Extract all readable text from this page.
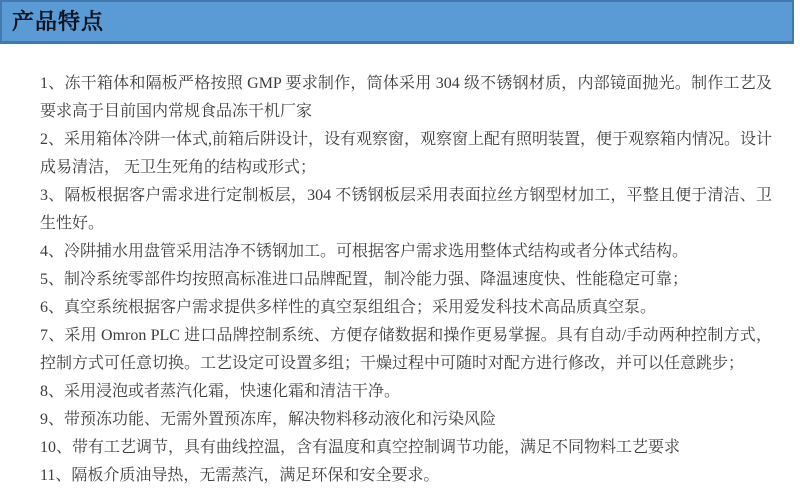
产品特点

1、冻干箱体和隔板严格按照 GMP 要求制作，筒体采用 304 级不锈钢材质，内部镜面抛光。制作工艺及要求高于目前国内常规食品冻干机厂家

2、采用箱体冷阱一体式,前箱后阱设计，设有观察窗，观察窗上配有照明装置，便于观察箱内情况。设计成易清洁， 无卫生死角的结构或形式；

3、隔板根据客户需求进行定制板层，304 不锈钢板层采用表面拉丝方钢型材加工，平整且便于清洁、卫生性好。

4、冷阱捕水用盘管采用洁净不锈钢加工。可根据客户需求选用整体式结构或者分体式结构。

5、制冷系统零部件均按照高标准进口品牌配置，制冷能力强、降温速度快、性能稳定可靠；

6、真空系统根据客户需求提供多样性的真空泵组组合；采用爱发科技术高品质真空泵。

7、采用 Omron PLC 进口品牌控制系统、方便存储数据和操作更易掌握。具有自动/手动两种控制方式，控制方式可任意切换。工艺设定可设置多组；干燥过程中可随时对配方进行修改，并可以任意跳步；

8、采用浸泡或者蒸汽化霜，快速化霜和清洁干净。

9、带预冻功能、无需外置预冻库，解决物料移动液化和污染风险

10、带有工艺调节，具有曲线控温，含有温度和真空控制调节功能，满足不同物料工艺要求

11、隔板介质油导热，无需蒸汽，满足环保和安全要求。
